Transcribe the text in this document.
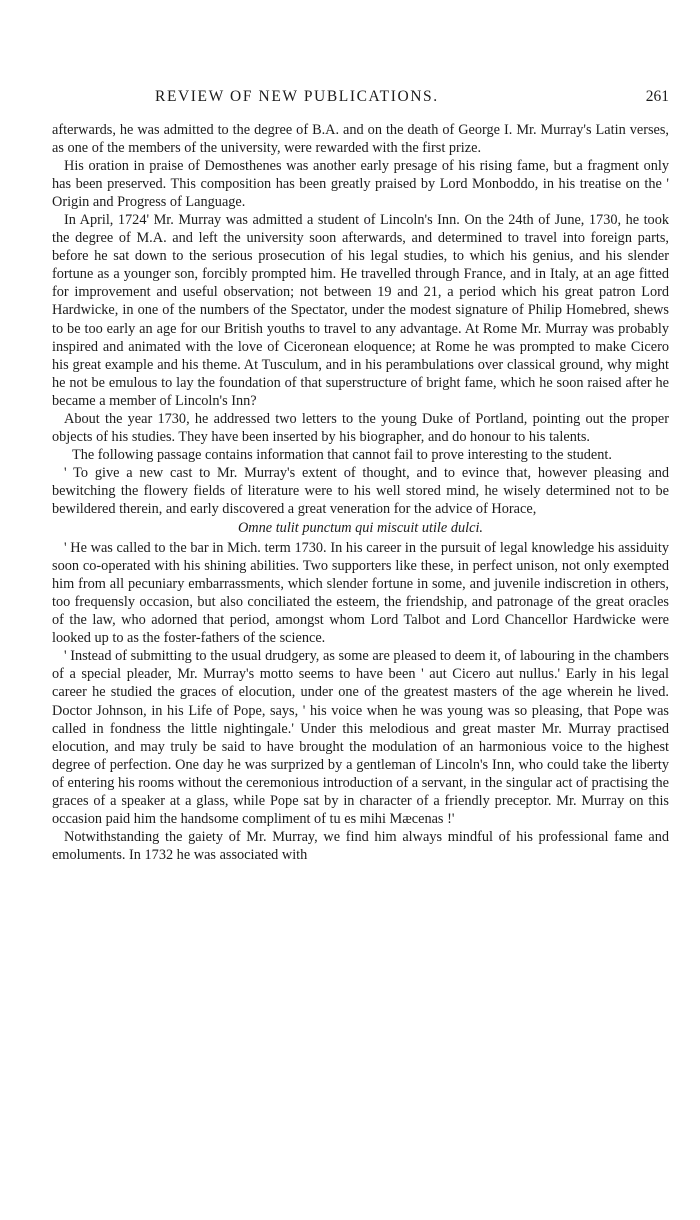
REVIEW OF NEW PUBLICATIONS.	261

afterwards, he was admitted to the degree of B.A. and on the death of George I. Mr. Murray's Latin verses, as one of the members of the university, were rewarded with the first prize.

His oration in praise of Demosthenes was another early presage of his rising fame, but a fragment only has been preserved. This composition has been greatly praised by Lord Monboddo, in his treatise on the ' Origin and Progress of Language.

In April, 1724' Mr. Murray was admitted a student of Lincoln's Inn. On the 24th of June, 1730, he took the degree of M.A. and left the university soon afterwards, and determined to travel into foreign parts, before he sat down to the serious prosecution of his legal studies, to which his genius, and his slender fortune as a younger son, forcibly prompted him. He travelled through France, and in Italy, at an age fitted for improvement and useful observation; not between 19 and 21, a period which his great patron Lord Hardwicke, in one of the numbers of the Spectator, under the modest signature of Philip Homebred, shews to be too early an age for our British youths to travel to any advantage. At Rome Mr. Murray was probably inspired and animated with the love of Ciceronean eloquence; at Rome he was prompted to make Cicero his great example and his theme. At Tusculum, and in his perambulations over classical ground, why might he not be emulous to lay the foundation of that superstructure of bright fame, which he soon raised after he became a member of Lincoln's Inn?

About the year 1730, he addressed two letters to the young Duke of Portland, pointing out the proper objects of his studies. They have been inserted by his biographer, and do honour to his talents.

The following passage contains information that cannot fail to prove interesting to the student.

' To give a new cast to Mr. Murray's extent of thought, and to evince that, however pleasing and bewitching the flowery fields of literature were to his well stored mind, he wisely determined not to be bewildered therein, and early discovered a great veneration for the advice of Horace,

Omne tulit punctum qui miscuit utile dulci.

' He was called to the bar in Mich. term 1730. In his career in the pursuit of legal knowledge his assiduity soon co-operated with his shining abilities. Two supporters like these, in perfect unison, not only exempted him from all pecuniary embarrassments, which slender fortune in some, and juvenile indiscretion in others, too frequensly occasion, but also conciliated the esteem, the friendship, and patronage of the great oracles of the law, who adorned that period, amongst whom Lord Talbot and Lord Chancellor Hardwicke were looked up to as the foster-fathers of the science.

' Instead of submitting to the usual drudgery, as some are pleased to deem it, of labouring in the chambers of a special pleader, Mr. Murray's motto seems to have been ' aut Cicero aut nullus.' Early in his legal career he studied the graces of elocution, under one of the greatest masters of the age wherein he lived. Doctor Johnson, in his Life of Pope, says, ' his voice when he was young was so pleasing, that Pope was called in fondness the little nightingale.' Under this melodious and great master Mr. Murray practised elocution, and may truly be said to have brought the modulation of an harmonious voice to the highest degree of perfection. One day he was surprized by a gentleman of Lincoln's Inn, who could take the liberty of entering his rooms without the ceremonious introduction of a servant, in the singular act of practising the graces of a speaker at a glass, while Pope sat by in character of a friendly preceptor. Mr. Murray on this occasion paid him the handsome compliment of tu es mihi Mæcenas !'

Notwithstanding the gaiety of Mr. Murray, we find him always mindful of his professional fame and emoluments. In 1732 he was associated with
